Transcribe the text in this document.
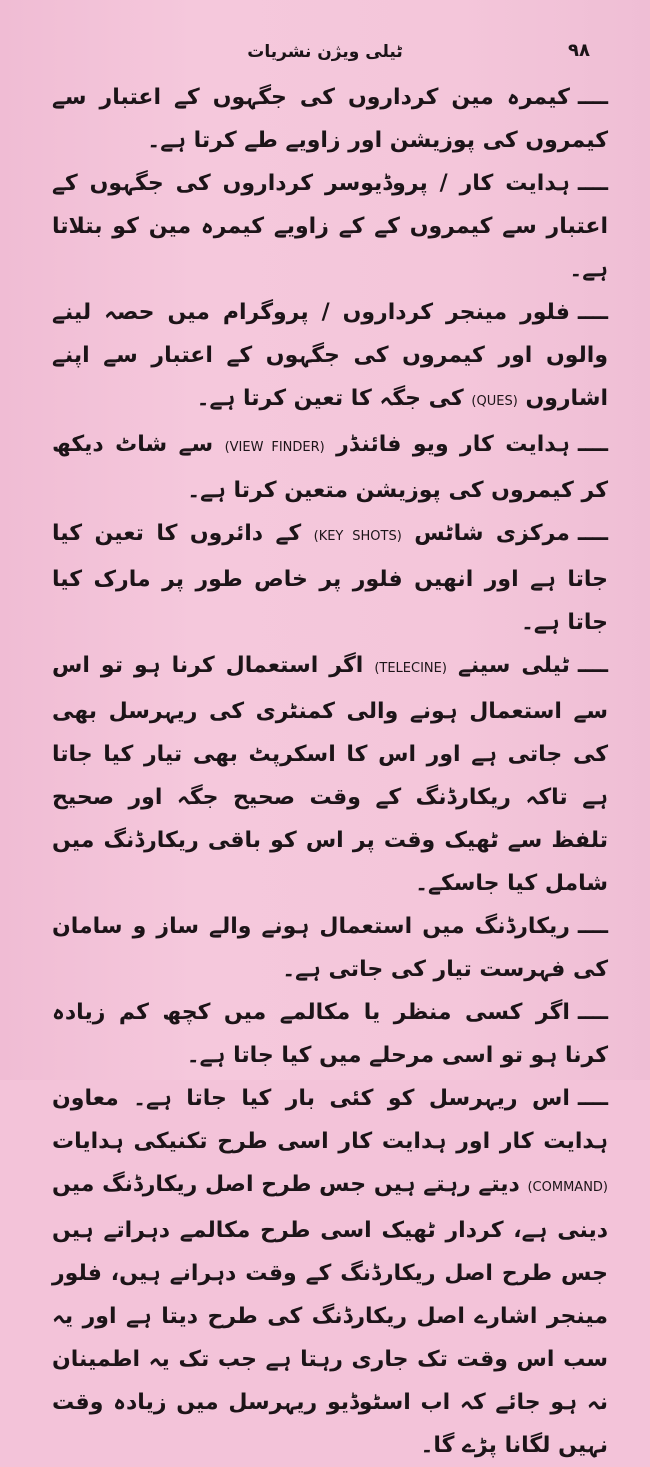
ٹیلی ویژن نشریات	۹۸

ــــکیمرہ مین کرداروں کی جگہوں کے اعتبار سے کیمروں کی پوزیشن اور زاویے طے کرتا ہے۔

ــــہدایت کار / پروڈیوسر کرداروں کی جگہوں کے اعتبار سے کیمروں کے کے زاویے کیمرہ مین کو بتلاتا ہے۔

ــــفلور مینجر کرداروں / پروگرام میں حصہ لینے والوں اور کیمروں کی جگہوں کے اعتبار سے اپنے اشاروں (QUES) کی جگہ کا تعین کرتا ہے۔

ــــہدایت کار ویو فائنڈر (VIEW FINDER) سے شاٹ دیکھ کر کیمروں کی پوزیشن متعین کرتا ہے۔

ــــمرکزی شاٹس (KEY SHOTS) کے دائروں کا تعین کیا جاتا ہے اور انھیں فلور پر خاص طور پر مارک کیا جاتا ہے۔

ــــٹیلی سینے (TELECINE) اگر استعمال کرنا ہو تو اس سے استعمال ہونے والی کمنٹری کی ریہرسل بھی کی جاتی ہے اور اس کا اسکرپٹ بھی تیار کیا جاتا ہے تاکہ ریکارڈنگ کے وقت صحیح جگہ اور صحیح تلفظ سے ٹھیک وقت پر اس کو باقی ریکارڈنگ میں شامل کیا جاسکے۔

ــــریکارڈنگ میں استعمال ہونے والے ساز و سامان کی فہرست تیار کی جاتی ہے۔

ــــاگر کسی منظر یا مکالمے میں کچھ کم زیادہ کرنا ہو تو اسی مرحلے میں کیا جاتا ہے۔

ــــاس ریہرسل کو کئی بار کیا جاتا ہے۔ معاون ہدایت کار اور ہدایت کار اسی طرح تکنیکی ہدایات (COMMAND) دیتے رہتے ہیں جس طرح اصل ریکارڈنگ میں دینی ہے، کردار ٹھیک اسی طرح مکالمے دہراتے ہیں جس طرح اصل ریکارڈنگ کے وقت دہرانے ہیں، فلور مینجر اشارے اصل ریکارڈنگ کی طرح دیتا ہے اور یہ سب اس وقت تک جاری رہتا ہے جب تک یہ اطمینان نہ ہو جائے کہ اب اسٹوڈیو ریہرسل میں زیادہ وقت نہیں لگانا پڑے گا۔
